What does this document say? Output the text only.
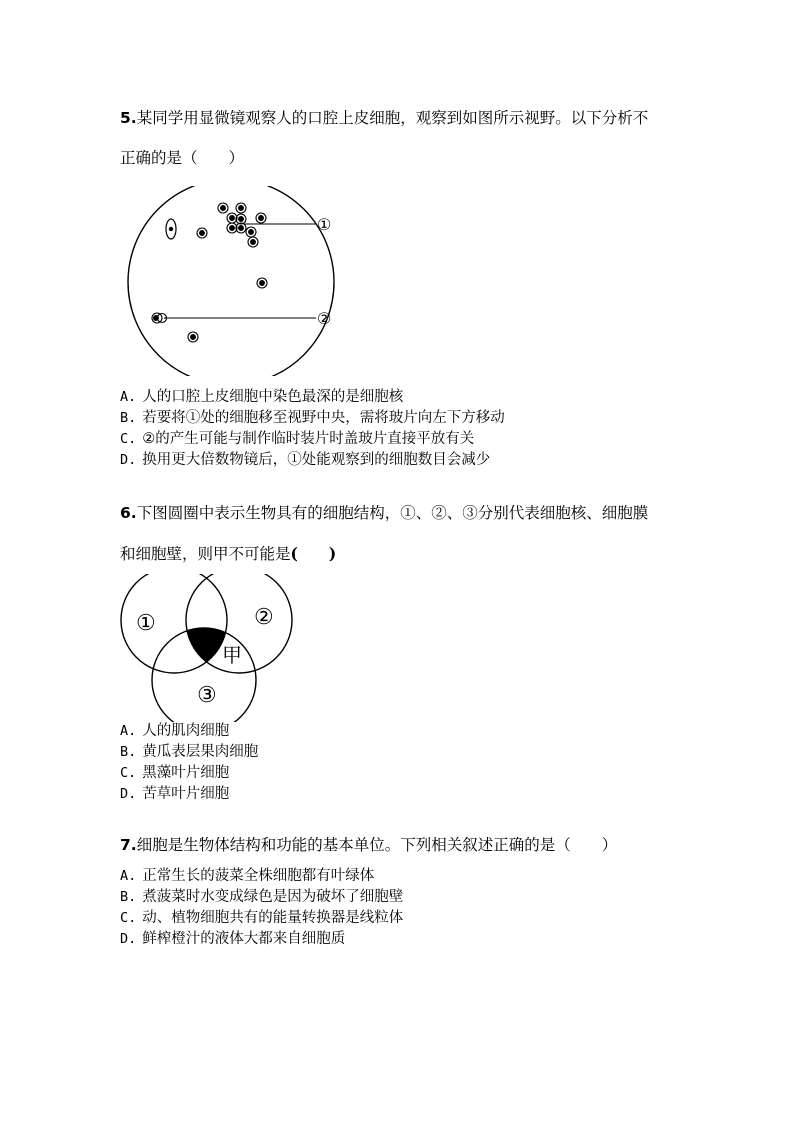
5.某同学用显微镜观察人的口腔上皮细胞，观察到如图所示视野。以下分析不

正确的是（　　）

①
②

A. 人的口腔上皮细胞中染色最深的是细胞核

B. 若要将①处的细胞移至视野中央，需将玻片向左下方移动

C. ②的产生可能与制作临时装片时盖玻片直接平放有关

D. 换用更大倍数物镜后，①处能观察到的细胞数目会减少

6.下图圆圈中表示生物具有的细胞结构，①、②、③分别代表细胞核、细胞膜

和细胞壁，则甲不可能是(　　)

①	②
③
甲

A. 人的肌肉细胞

B. 黄瓜表层果肉细胞

C. 黑藻叶片细胞

D. 苦草叶片细胞

7.细胞是生物体结构和功能的基本单位。下列相关叙述正确的是（　　）

A. 正常生长的菠菜全株细胞都有叶绿体

B. 煮菠菜时水变成绿色是因为破坏了细胞壁

C. 动、植物细胞共有的能量转换器是线粒体

D. 鲜榨橙汁的液体大都来自细胞质
